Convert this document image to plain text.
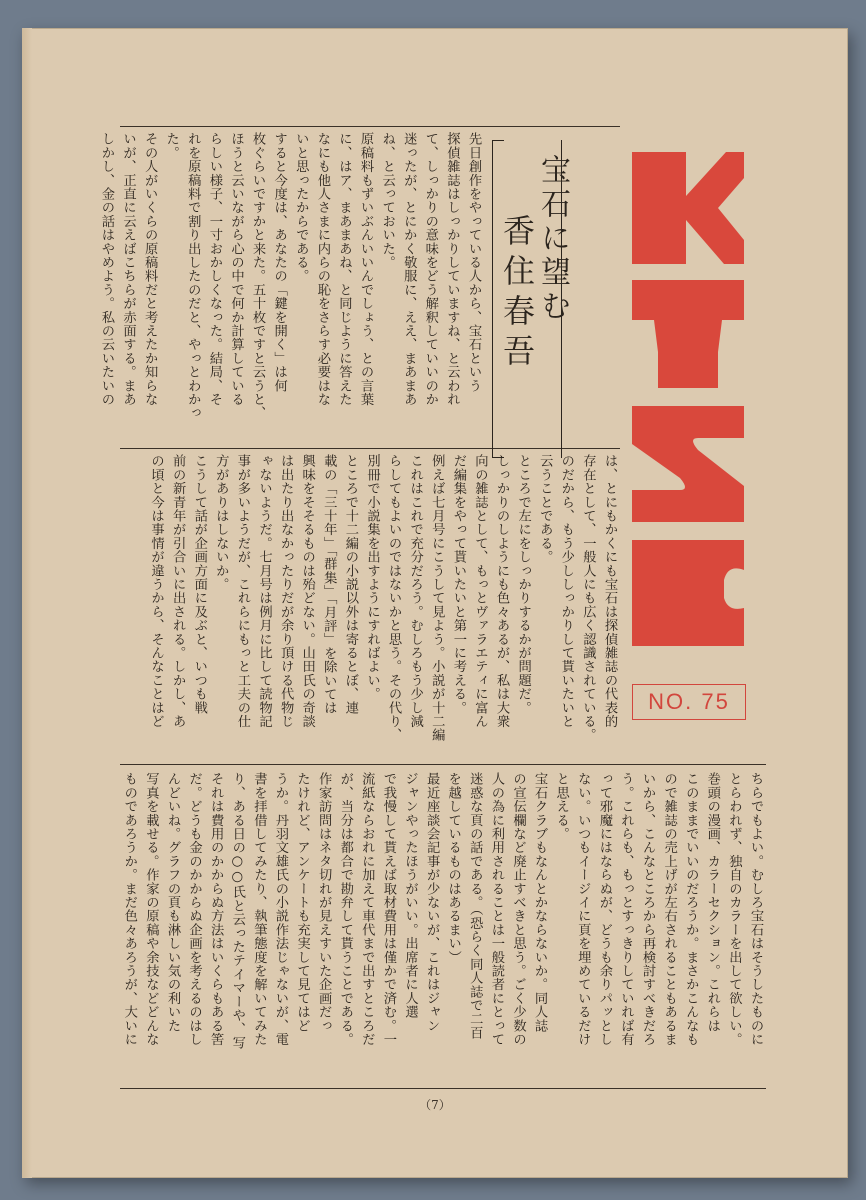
宝石に望む
香住春吾
先日創作をやっている人から、宝石という
探偵雑誌はしっかりしていますね、と云われ
て、しっかりの意味をどう解釈していいのか
迷ったが、とにかく敬服に、ええ、まあまあ
ね、と云っておいた。
原稿料もずいぶんいいんでしょう、との言葉
に、はア、まあまあね、と同じように答えた
なにも他人さまに内らの恥をさらす必要はな
いと思ったからである。
すると今度は、あなたの「鍵を開く」は何
枚ぐらいですかと来た。五十枚ですと云うと、
ほうと云いながら心の中で何か計算している
らしい様子、一寸おかしくなった。結局、そ
れを原稿料で割り出したのだと、やっとわかった。
その人がいくらの原稿料だと考えたか知らな
いが、正直に云えばこちらが赤面する。まあ
しかし、金の話はやめよう。私の云いたいの
は、とにもかくにも宝石は探偵雑誌の代表的
存在として、一般人にも広く認識されている。
のだから、もう少ししっかりして貰いたいと
云うことである。
ところで左にをしっかりするかが問題だ。
しっかりのしようにも色々あるが、私は大衆
向の雑誌として、もっとヴァラエティに富ん
だ編集をやって貰いたいと第一に考える。
例えば七月号にこうして見よう。小説が十二編
これはこれで充分だろう。むしろもう少し減
らしてもよいのではないかと思う。その代り、
別冊で小説集を出すようにすればよい。
ところで十二編の小説以外は寄るとぼ、連
載の「三十年」「群集」「月評」を除いては
興味をそそるものは殆どない。山田氏の奇談
は出たり出なかったりだが余り頂ける代物じ
ゃないようだ。七月号は例月に比して読物記
事が多いようだが、これらにもっと工夫の仕
方がありはしないか。
こうして話が企画方面に及ぶと、いつも戦
前の新青年が引合いに出される。しかし、あ
の頃と今は事情が違うから、そんなことはど
ちらでもよい。むしろ宝石はそうしたものに
とらわれず、独自のカラーを出して欲しい。
巻頭の漫画、カラーセクション。これらは
このままでいいのだろうか。まさかこんなも
ので雑誌の売上げが左右されることもあるま
いから、こんなところから再検討すべきだろ
う。これらも、もっとすっきりしていれば有
って邪魔にはならぬが、どうも余りパッとし
ない。いつもイージイに頁を埋めているだけ
と思える。
宝石クラブもなんとかならないか。同人誌
の宣伝欄など廃止すべきと思う。ごく少数の
人の為に利用されることは一般読者にとって
迷惑な頁の話である。（恐らく同人誌で二百
を越しているものはあるまい）
最近座談会記事が少ないが、これはジャン
ジャンやったほうがいい。出席者に人選
で我慢して貰えば取材費用は僅かで済む。一
流紙ならおれに加えて車代まで出すところだ
が、当分は都合で勘弁して貰うことである。
作家訪問はネタ切れが見えすいた企画だっ
たけれど、アンケートも充実して見てはど
うか。丹羽文雄氏の小説作法じゃないが、電
書を拝借してみたり、執筆態度を解いてみた
り、ある日の○○氏と云ったテイマーや、写
それは費用のかからぬ方法はいくらもある筈
だ。どうも金のかからぬ企画を考えるのはし
んどいね。グラフの頁も淋しい気の利いた
写真を載せる。作家の原稿や余技などどんな
ものであろうか。まだ色々あろうが、大いに
NO. 75
（7）
